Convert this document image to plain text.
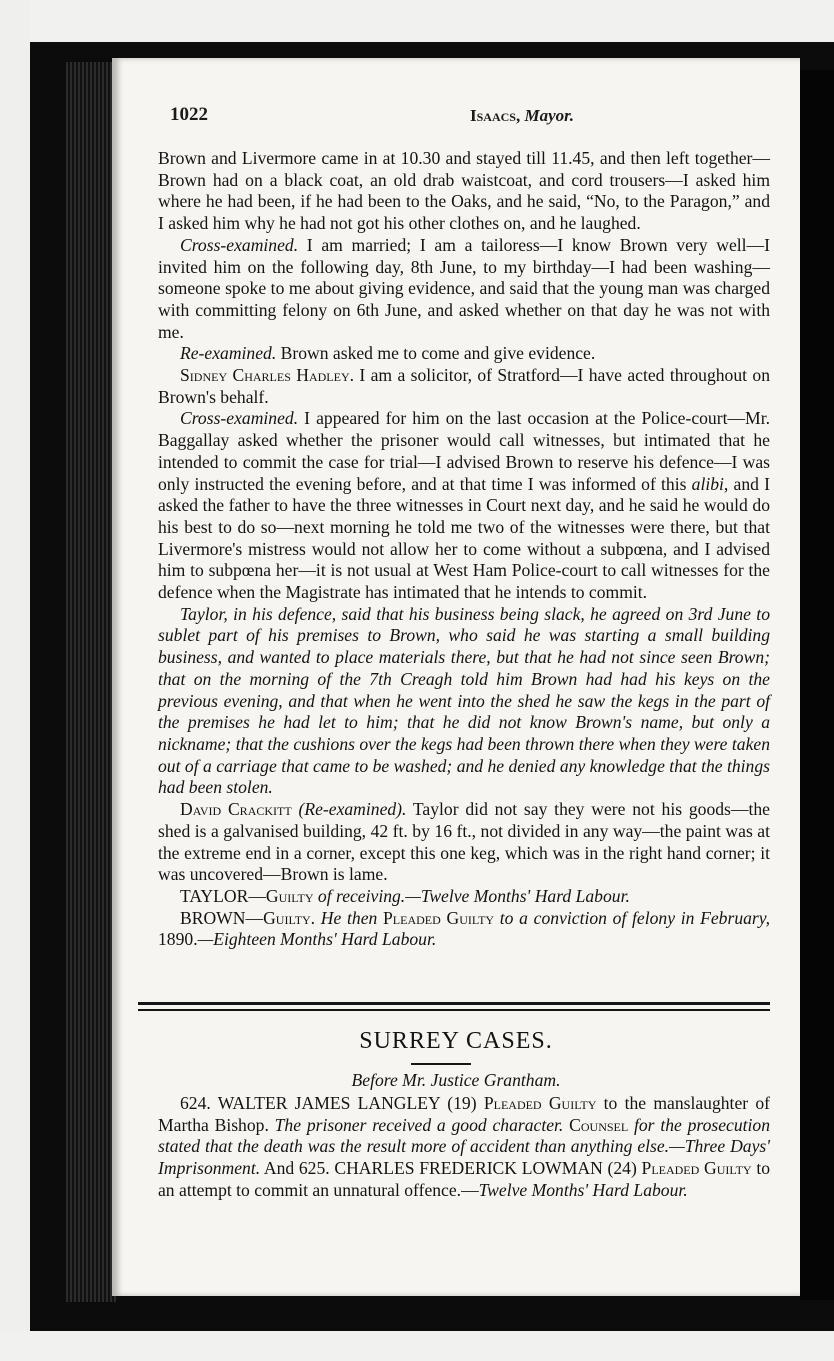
1022	Isaacs, Mayor.

Brown and Livermore came in at 10.30 and stayed till 11.45, and then left together—Brown had on a black coat, an old drab waistcoat, and cord trousers—I asked him where he had been, if he had been to the Oaks, and he said, “No, to the Paragon,” and I asked him why he had not got his other clothes on, and he laughed.

Cross-examined. I am married; I am a tailoress—I know Brown very well—I invited him on the following day, 8th June, to my birthday—I had been washing—someone spoke to me about giving evidence, and said that the young man was charged with committing felony on 6th June, and asked whether on that day he was not with me.

Re-examined. Brown asked me to come and give evidence.

Sidney Charles Hadley. I am a solicitor, of Stratford—I have acted throughout on Brown's behalf.

Cross-examined. I appeared for him on the last occasion at the Police-court—Mr. Baggallay asked whether the prisoner would call witnesses, but intimated that he intended to commit the case for trial—I advised Brown to reserve his defence—I was only instructed the evening before, and at that time I was informed of this alibi, and I asked the father to have the three witnesses in Court next day, and he said he would do his best to do so—next morning he told me two of the witnesses were there, but that Livermore's mistress would not allow her to come without a subpœna, and I advised him to subpœna her—it is not usual at West Ham Police-court to call witnesses for the defence when the Magistrate has intimated that he intends to commit.

Taylor, in his defence, said that his business being slack, he agreed on 3rd June to sublet part of his premises to Brown, who said he was starting a small building business, and wanted to place materials there, but that he had not since seen Brown; that on the morning of the 7th Creagh told him Brown had had his keys on the previous evening, and that when he went into the shed he saw the kegs in the part of the premises he had let to him; that he did not know Brown's name, but only a nickname; that the cushions over the kegs had been thrown there when they were taken out of a carriage that came to be washed; and he denied any knowledge that the things had been stolen.

David Crackitt (Re-examined). Taylor did not say they were not his goods—the shed is a galvanised building, 42 ft. by 16 ft., not divided in any way—the paint was at the extreme end in a corner, except this one keg, which was in the right hand corner; it was uncovered—Brown is lame.

TAYLOR—Guilty of receiving.—Twelve Months' Hard Labour.

BROWN—Guilty. He then Pleaded Guilty to a conviction of felony in February, 1890.—Eighteen Months' Hard Labour.

SURREY CASES.
Before Mr. Justice Grantham.

624. WALTER JAMES LANGLEY (19) Pleaded Guilty to the manslaughter of Martha Bishop. The prisoner received a good character. Counsel for the prosecution stated that the death was the result more of accident than anything else.—Three Days' Imprisonment. And 625. CHARLES FREDERICK LOWMAN (24) Pleaded Guilty to an attempt to commit an unnatural offence.—Twelve Months' Hard Labour.
